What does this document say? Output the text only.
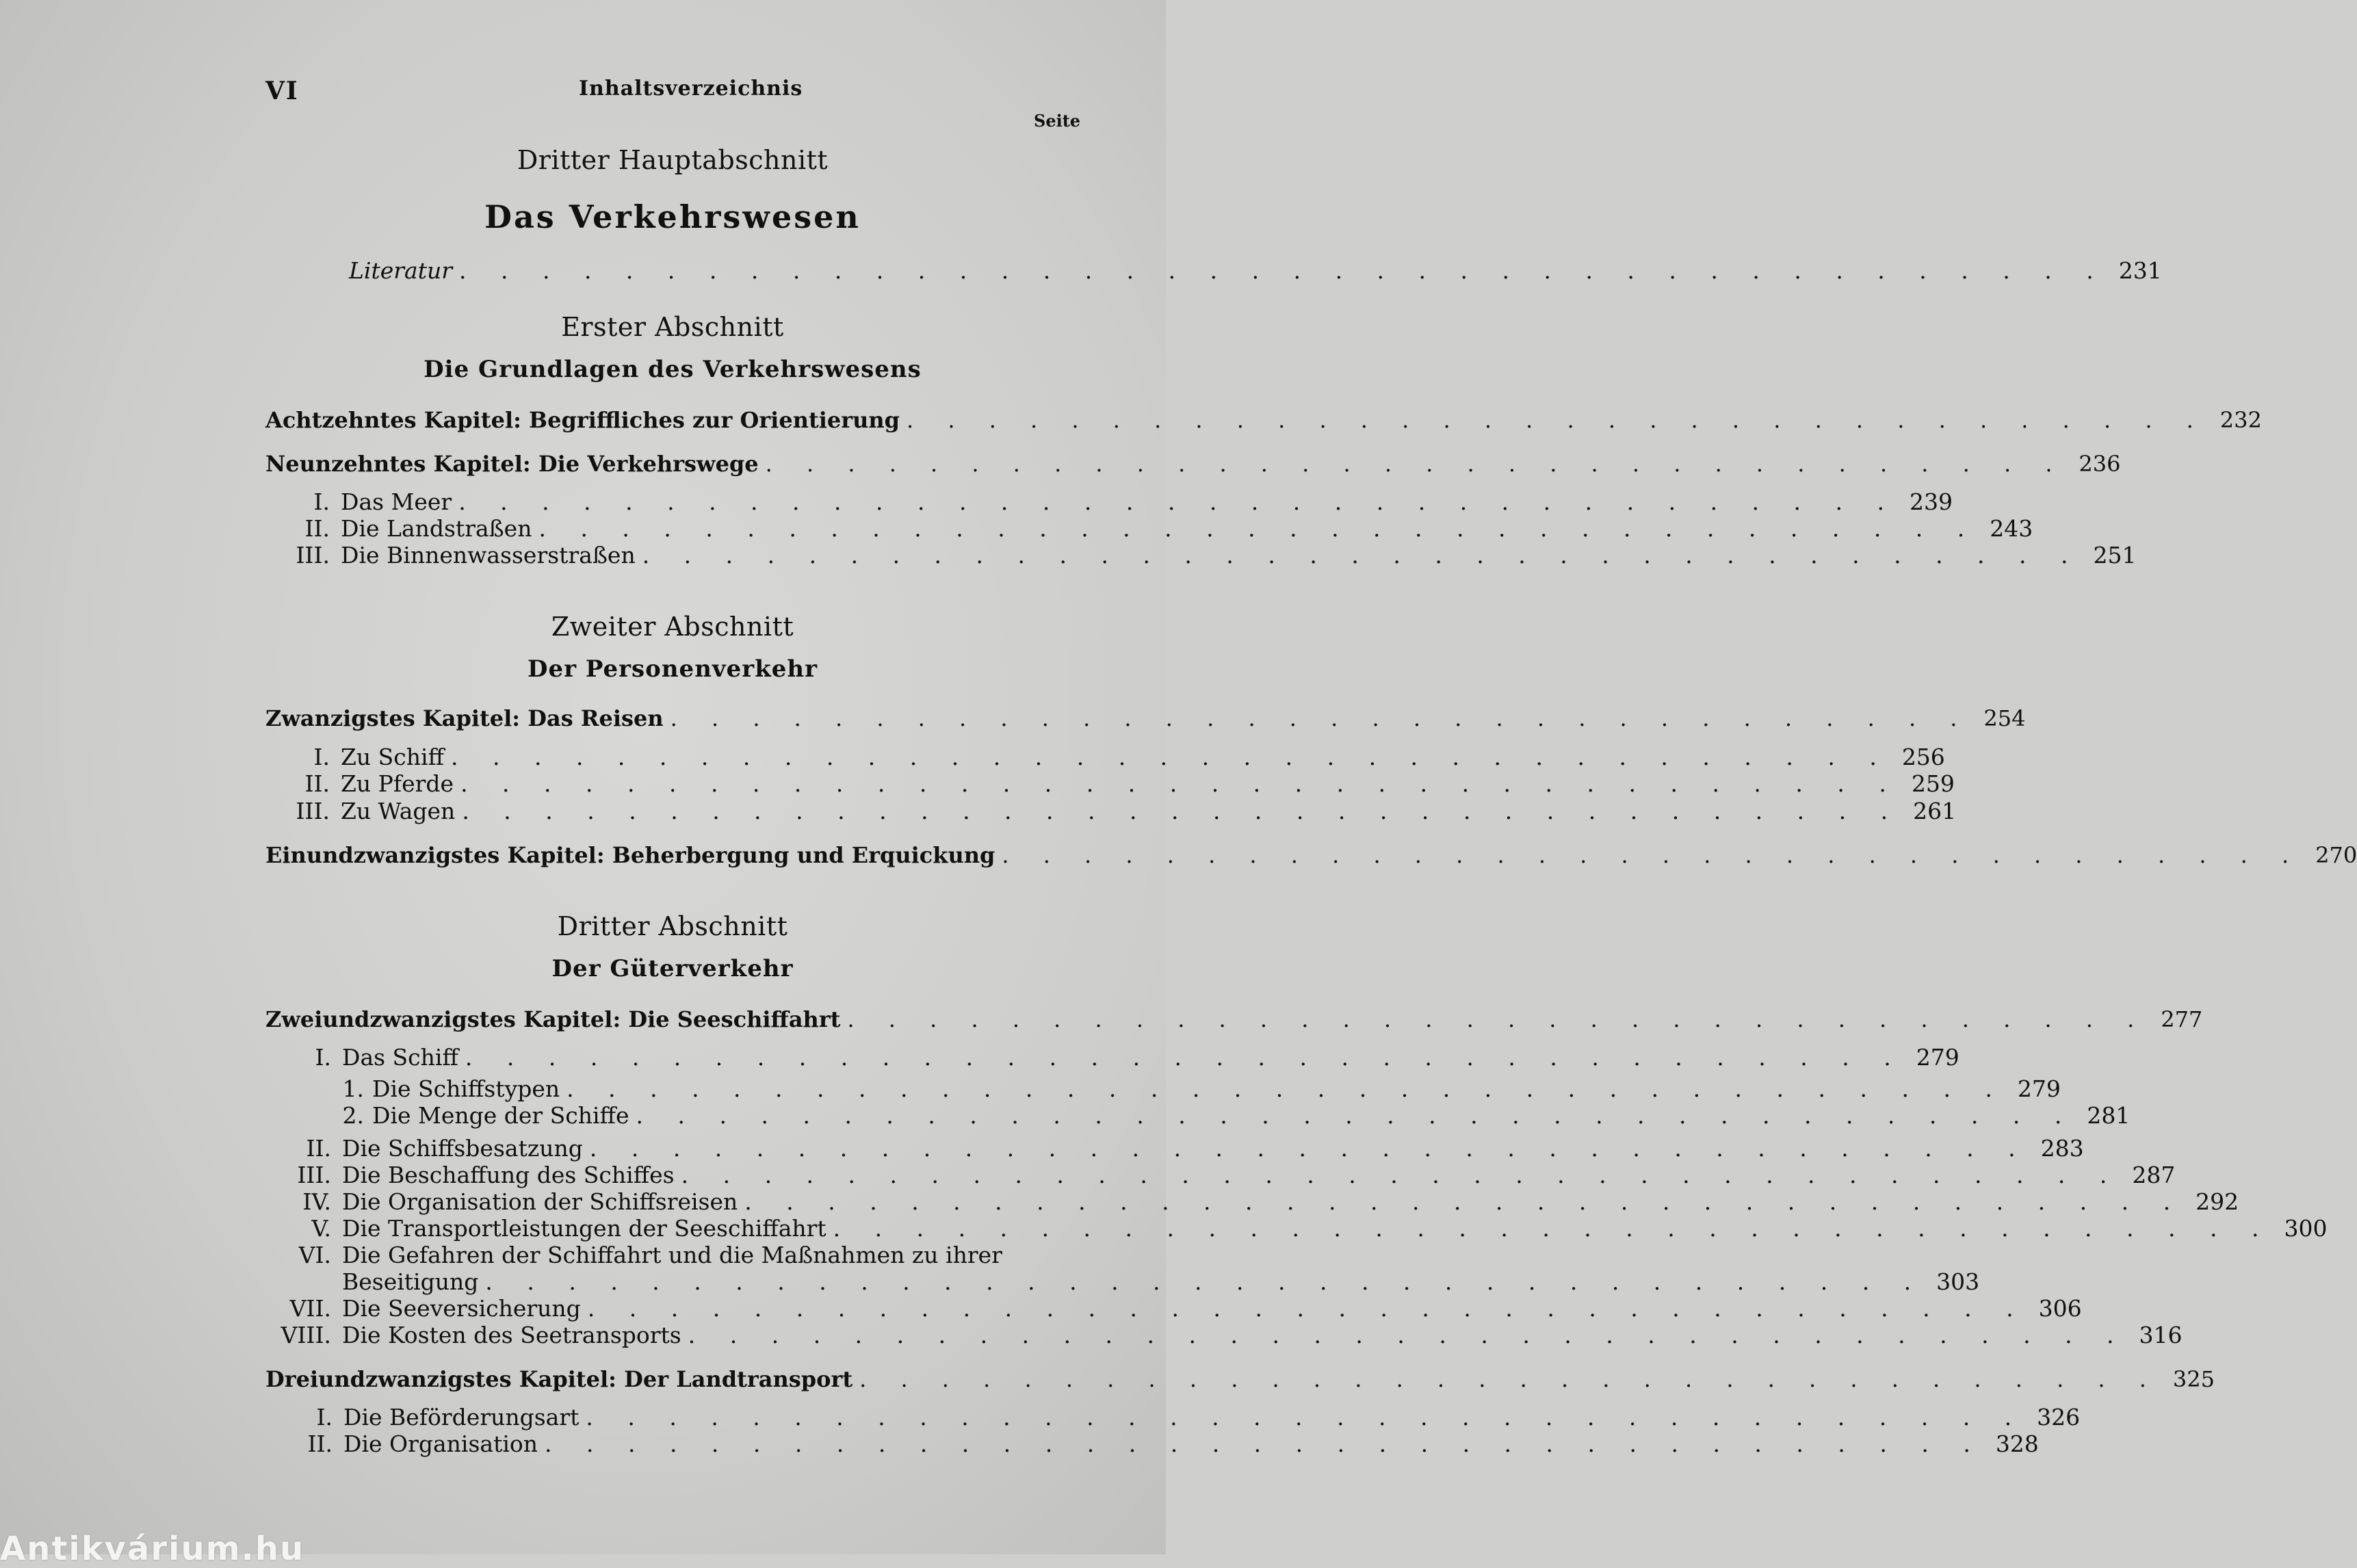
VI	Inhaltsverzeichnis
Seite
Dritter Hauptabschnitt
Das Verkehrswesen
Literatur . . . . . . . . . . . . . . . . . . . . . . . . . . . . . . . . . . . . . . . . 231
Erster Abschnitt
Die Grundlagen des Verkehrswesens
Achtzehntes Kapitel: Begriffliches zur Orientierung . . . . . . . . . . . . . . . . . . . . . . . . . . . . . . . . 232
Neunzehntes Kapitel: Die Verkehrswege . . . . . . . . . . . . . . . . . . . . . . . . . . . . . . . . 236
I. Das Meer . . . . . . . . . . . . . . . . . . . . . . . . . . . . . . . . . . . 239
II. Die Landstraßen . . . . . . . . . . . . . . . . . . . . . . . . . . . . . . . . . . . 243
III. Die Binnenwasserstraßen . . . . . . . . . . . . . . . . . . . . . . . . . . . . . . . . . . . 251
Zweiter Abschnitt
Der Personenverkehr
Zwanzigstes Kapitel: Das Reisen . . . . . . . . . . . . . . . . . . . . . . . . . . . . . . . . 254
I. Zu Schiff . . . . . . . . . . . . . . . . . . . . . . . . . . . . . . . . . . . 256
II. Zu Pferde . . . . . . . . . . . . . . . . . . . . . . . . . . . . . . . . . . . 259
III. Zu Wagen . . . . . . . . . . . . . . . . . . . . . . . . . . . . . . . . . . . 261
Einundzwanzigstes Kapitel: Beherbergung und Erquickung . . . . . . . . . . . . . . . . . . . . . . . . . . . . . . . . 270
Dritter Abschnitt
Der Güterverkehr
Zweiundzwanzigstes Kapitel: Die Seeschiffahrt . . . . . . . . . . . . . . . . . . . . . . . . . . . . . . . . 277
I. Das Schiff . . . . . . . . . . . . . . . . . . . . . . . . . . . . . . . . . . . 279
1. Die Schiffstypen . . . . . . . . . . . . . . . . . . . . . . . . . . . . . . . . . . . 279
2. Die Menge der Schiffe . . . . . . . . . . . . . . . . . . . . . . . . . . . . . . . . . . . 281
II. Die Schiffsbesatzung . . . . . . . . . . . . . . . . . . . . . . . . . . . . . . . . . . . 283
III. Die Beschaffung des Schiffes . . . . . . . . . . . . . . . . . . . . . . . . . . . . . . . . . . . 287
IV. Die Organisation der Schiffsreisen . . . . . . . . . . . . . . . . . . . . . . . . . . . . . . . . . . . 292
V. Die Transportleistungen der Seeschiffahrt . . . . . . . . . . . . . . . . . . . . . . . . . . . . . . . . . . . 300
VI. Die Gefahren der Schiffahrt und die Maßnahmen zu ihrer
Beseitigung . . . . . . . . . . . . . . . . . . . . . . . . . . . . . . . . . . . 303
VII. Die Seeversicherung . . . . . . . . . . . . . . . . . . . . . . . . . . . . . . . . . . . 306
VIII. Die Kosten des Seetransports . . . . . . . . . . . . . . . . . . . . . . . . . . . . . . . . . . . 316
Dreiundzwanzigstes Kapitel: Der Landtransport . . . . . . . . . . . . . . . . . . . . . . . . . . . . . . . . 325
I. Die Beförderungsart . . . . . . . . . . . . . . . . . . . . . . . . . . . . . . . . . . . 326
II. Die Organisation . . . . . . . . . . . . . . . . . . . . . . . . . . . . . . . . . . . 328
Antikvárium.hu
